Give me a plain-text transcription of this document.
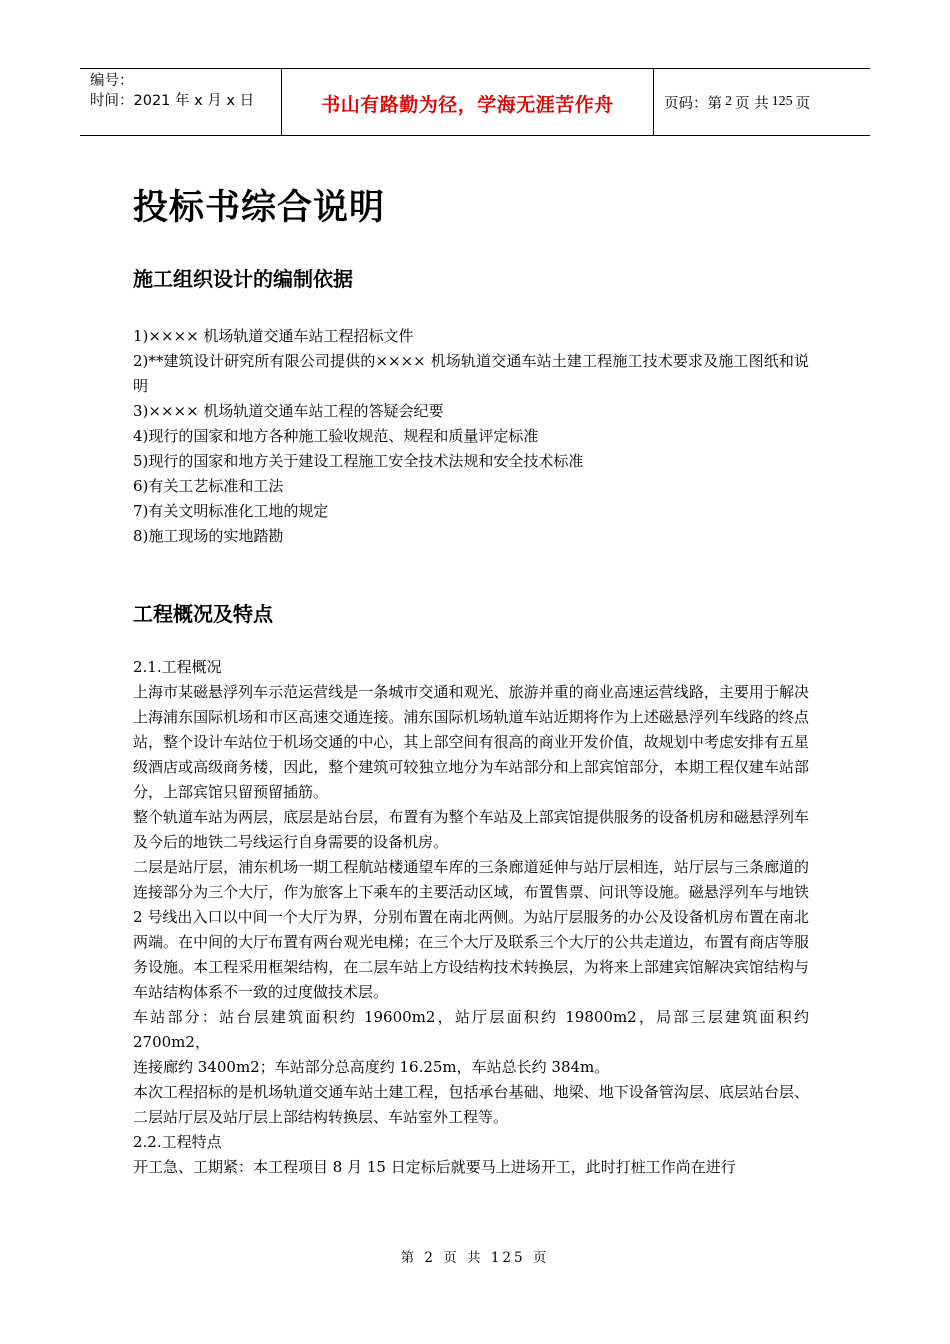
编号：
时间：2021 年 x 月 x 日	书山有路勤为径，学海无涯苦作舟	页码：第 2 页 共 125 页
投标书综合说明
施工组织设计的编制依据

1)×××× 机场轨道交通车站工程招标文件

2)**建筑设计研究所有限公司提供的×××× 机场轨道交通车站土建工程施工技术要求及施工图纸和说明

3)×××× 机场轨道交通车站工程的答疑会纪要

4)现行的国家和地方各种施工验收规范、规程和质量评定标准

5)现行的国家和地方关于建设工程施工安全技术法规和安全技术标准

6)有关工艺标准和工法

7)有关文明标准化工地的规定

8)施工现场的实地踏勘

工程概况及特点

2.1.工程概况

上海市某磁悬浮列车示范运营线是一条城市交通和观光、旅游并重的商业高速运营线路，主要用于解决上海浦东国际机场和市区高速交通连接。浦东国际机场轨道车站近期将作为上述磁悬浮列车线路的终点站，整个设计车站位于机场交通的中心，其上部空间有很高的商业开发价值，故规划中考虑安排有五星级酒店或高级商务楼，因此，整个建筑可较独立地分为车站部分和上部宾馆部分，本期工程仅建车站部分，上部宾馆只留预留插筋。

整个轨道车站为两层，底层是站台层，布置有为整个车站及上部宾馆提供服务的设备机房和磁悬浮列车及今后的地铁二号线运行自身需要的设备机房。

二层是站厅层，浦东机场一期工程航站楼通望车库的三条廊道延伸与站厅层相连，站厅层与三条廊道的连接部分为三个大厅，作为旅客上下乘车的主要活动区域，布置售票、问讯等设施。磁悬浮列车与地铁 2 号线出入口以中间一个大厅为界，分别布置在南北两侧。为站厅层服务的办公及设备机房布置在南北两端。在中间的大厅布置有两台观光电梯；在三个大厅及联系三个大厅的公共走道边，布置有商店等服务设施。本工程采用框架结构，在二层车站上方设结构技术转换层，为将来上部建宾馆解决宾馆结构与车站结构体系不一致的过度做技术层。

车站部分：站台层建筑面积约 19600m2，站厅层面积约 19800m2，局部三层建筑面积约 2700m2，

连接廊约 3400m2；车站部分总高度约 16.25m，车站总长约 384m。

本次工程招标的是机场轨道交通车站土建工程，包括承台基础、地梁、地下设备管沟层、底层站台层、二层站厅层及站厅层上部结构转换层、车站室外工程等。

2.2.工程特点

开工急、工期紧：本工程项目 8 月 15 日定标后就要马上进场开工，此时打桩工作尚在进行

第 2 页 共 125 页
